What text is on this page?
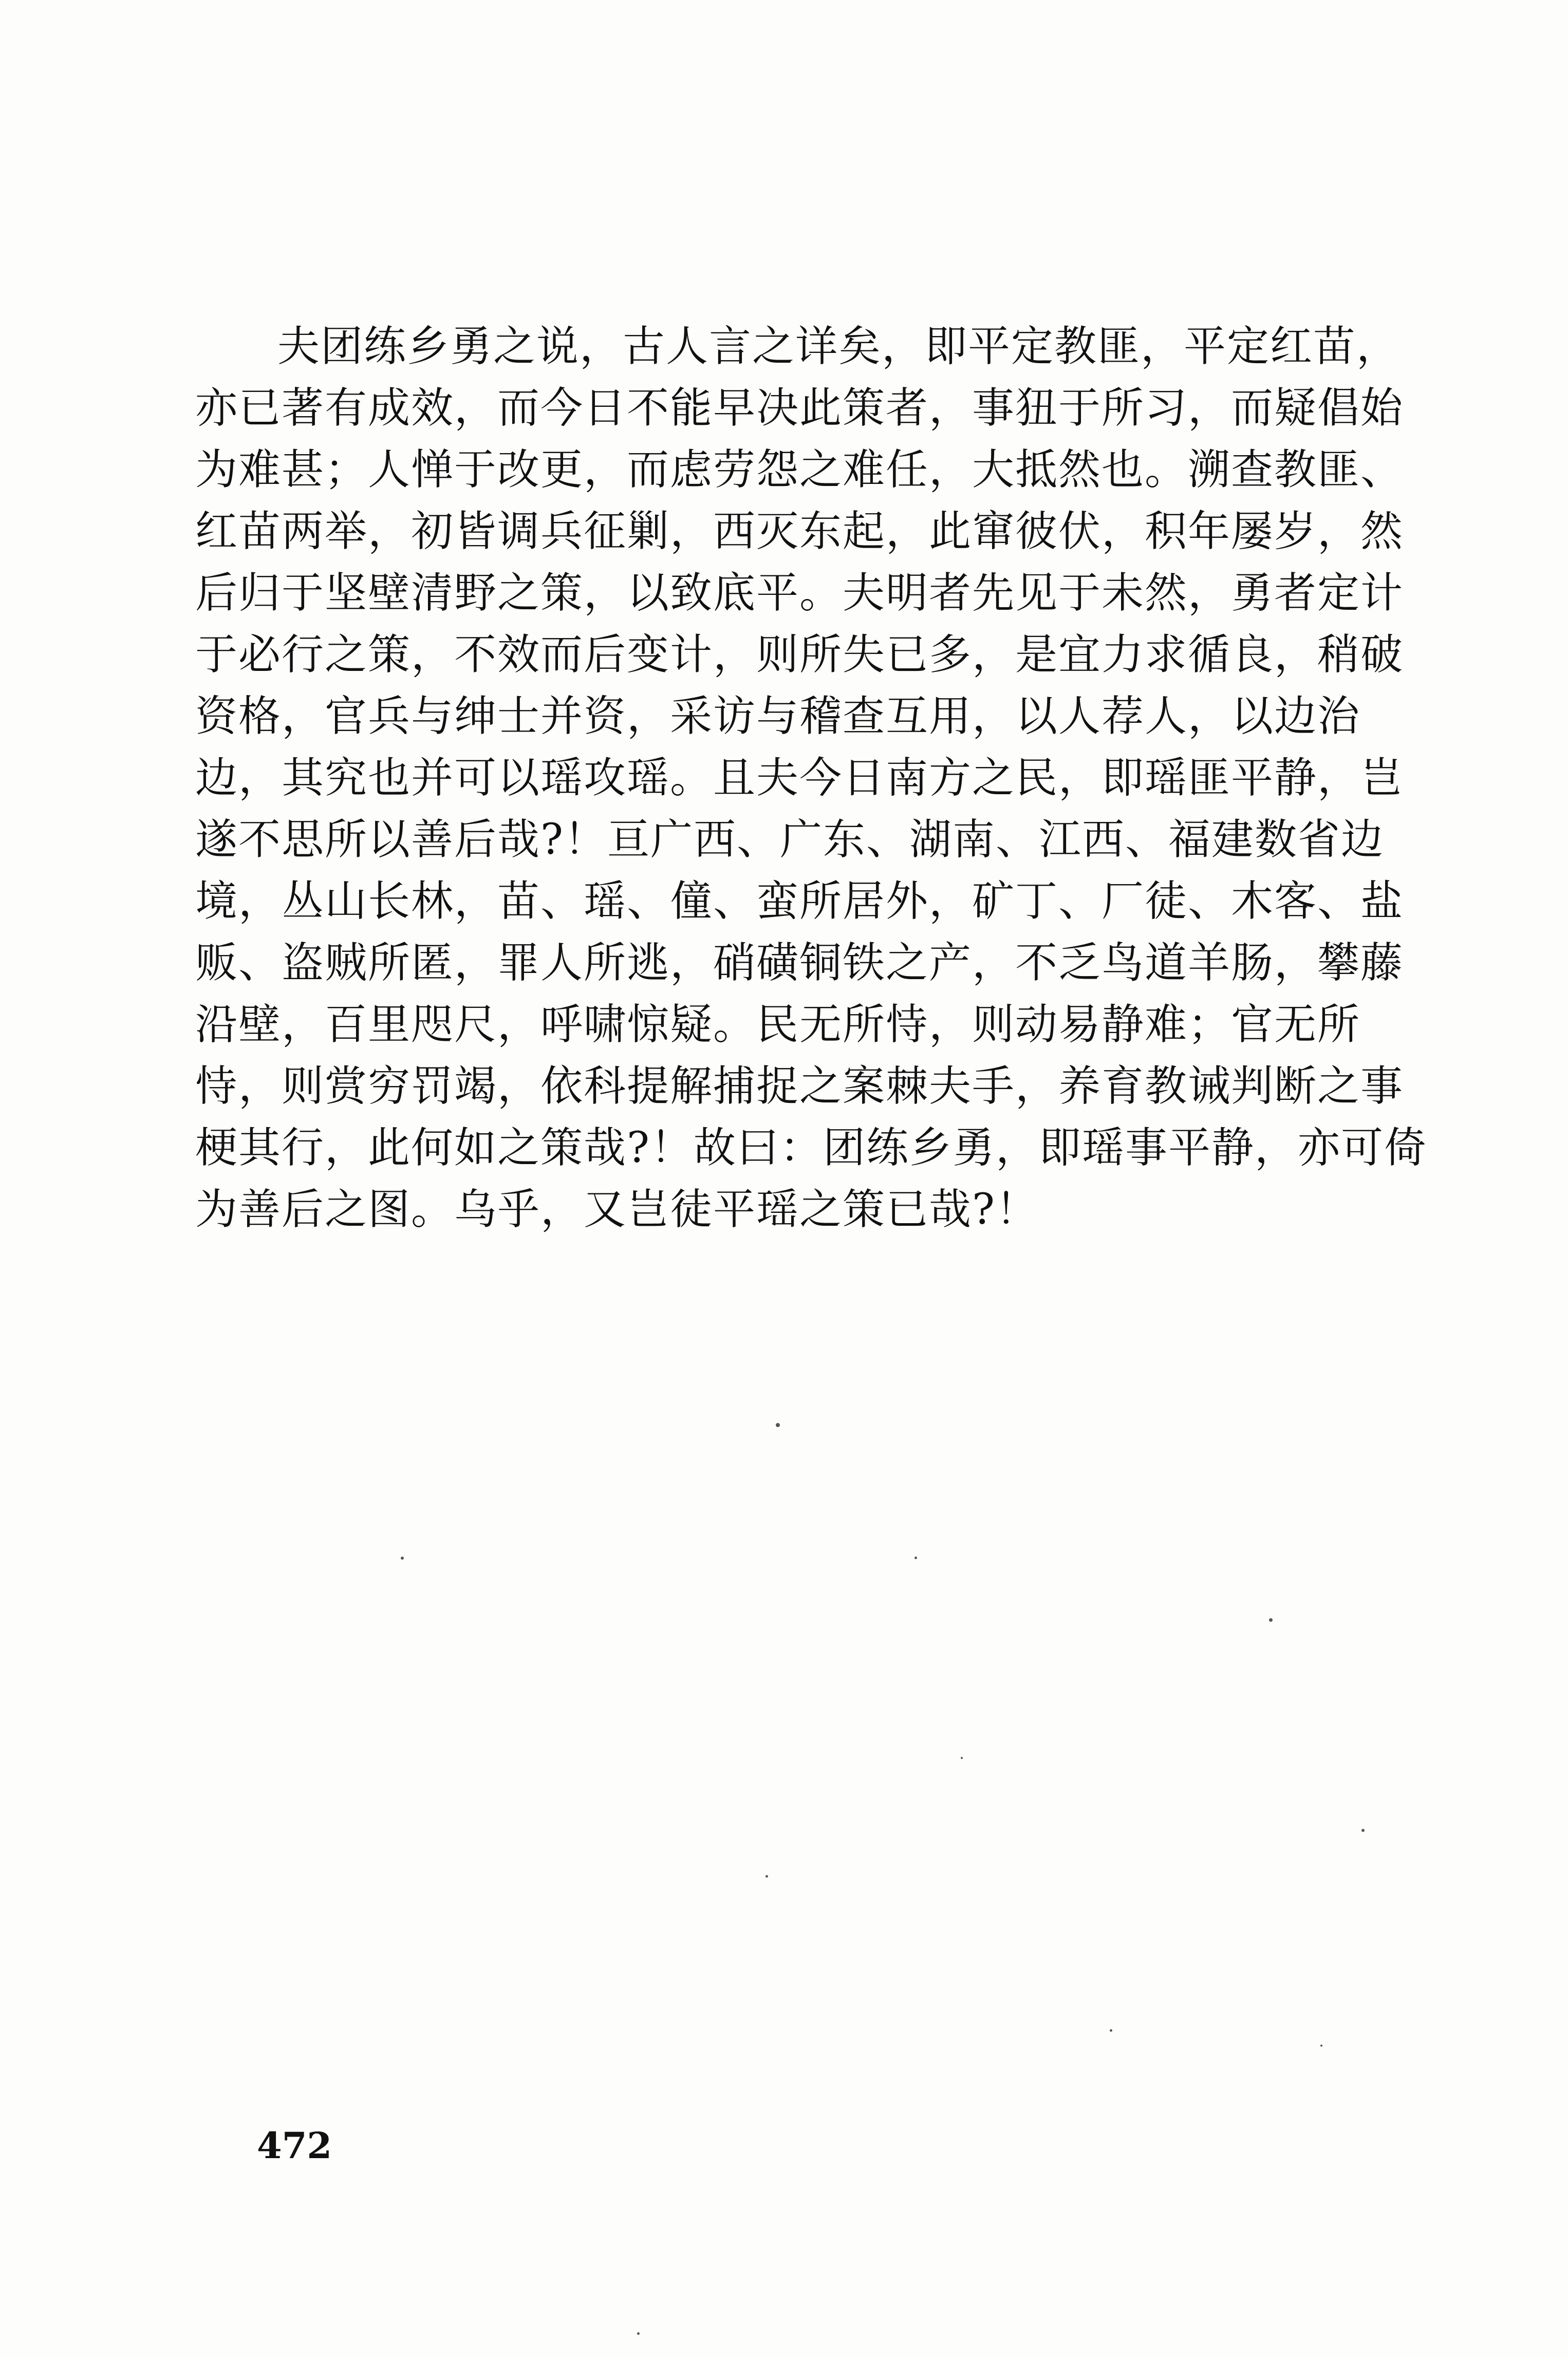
夫团练乡勇之说，古人言之详矣，即平定教匪，平定红苗，
亦已著有成效，而今日不能早决此策者，事狃于所习，而疑倡始
为难甚；人惮于改更，而虑劳怨之难任，大抵然也。溯查教匪、
红苗两举，初皆调兵征剿，西灭东起，此窜彼伏，积年屡岁，然
后归于坚壁清野之策，以致底平。夫明者先见于未然，勇者定计
于必行之策，不效而后变计，则所失已多，是宜力求循良，稍破
资格，官兵与绅士并资，采访与稽查互用，以人荐人，以边治
边，其究也并可以瑶攻瑶。且夫今日南方之民，即瑶匪平静，岂
遂不思所以善后哉?！亘广西、广东、湖南、江西、福建数省边
境，丛山长林，苗、瑶、僮、蛮所居外，矿丁、厂徒、木客、盐
贩、盗贼所匿，罪人所逃，硝磺铜铁之产，不乏鸟道羊肠，攀藤
沿壁，百里咫尺，呼啸惊疑。民无所恃，则动易静难；官无所
恃，则赏穷罚竭，依科提解捕捉之案棘夫手，养育教诫判断之事
梗其行，此何如之策哉?！故曰：团练乡勇，即瑶事平静，亦可倚
为善后之图。乌乎，又岂徒平瑶之策已哉?！
472
